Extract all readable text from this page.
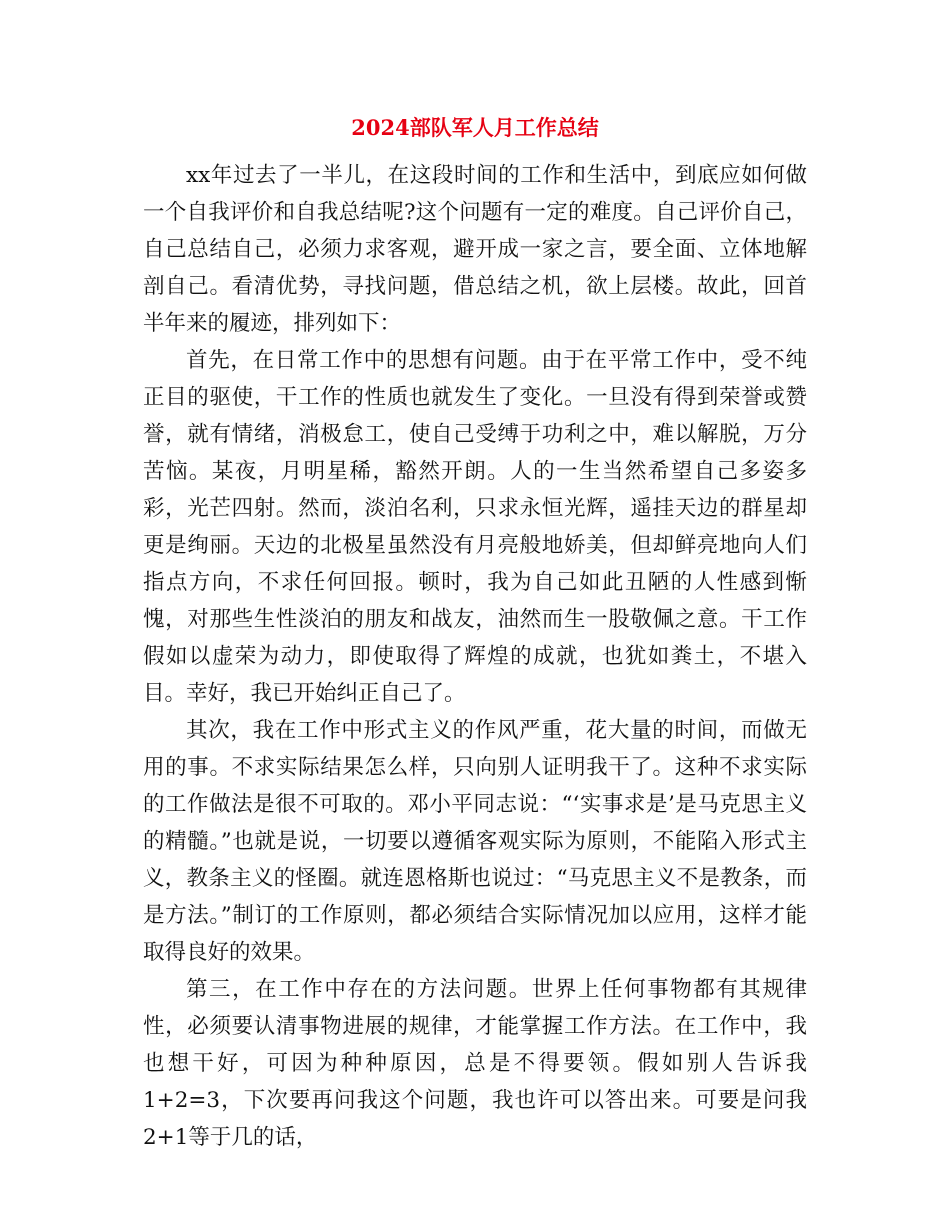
2024部队军人月工作总结

xx年过去了一半儿，在这段时间的工作和生活中，到底应如何做一个自我评价和自我总结呢?这个问题有一定的难度。自己评价自己，自己总结自己，必须力求客观，避开成一家之言，要全面、立体地解剖自己。看清优势，寻找问题，借总结之机，欲上层楼。故此，回首半年来的履迹，排列如下：

首先，在日常工作中的思想有问题。由于在平常工作中，受不纯正目的驱使，干工作的性质也就发生了变化。一旦没有得到荣誉或赞誉，就有情绪，消极怠工，使自己受缚于功利之中，难以解脱，万分苦恼。某夜，月明星稀，豁然开朗。人的一生当然希望自己多姿多彩，光芒四射。然而，淡泊名利，只求永恒光辉，遥挂天边的群星却更是绚丽。天边的北极星虽然没有月亮般地娇美，但却鲜亮地向人们指点方向，不求任何回报。顿时，我为自己如此丑陋的人性感到惭愧，对那些生性淡泊的朋友和战友，油然而生一股敬佩之意。干工作假如以虚荣为动力，即使取得了辉煌的成就，也犹如粪土，不堪入目。幸好，我已开始纠正自己了。

其次，我在工作中形式主义的作风严重，花大量的时间，而做无用的事。不求实际结果怎么样，只向别人证明我干了。这种不求实际的工作做法是很不可取的。邓小平同志说：“‘实事求是’是马克思主义的精髓。”也就是说，一切要以遵循客观实际为原则，不能陷入形式主义，教条主义的怪圈。就连恩格斯也说过：“马克思主义不是教条，而是方法。”制订的工作原则，都必须结合实际情况加以应用，这样才能取得良好的效果。

第三，在工作中存在的方法问题。世界上任何事物都有其规律性，必须要认清事物进展的规律，才能掌握工作方法。在工作中，我也想干好，可因为种种原因，总是不得要领。假如别人告诉我1+2=3，下次要再问我这个问题，我也许可以答出来。可要是问我2+1等于几的话，
